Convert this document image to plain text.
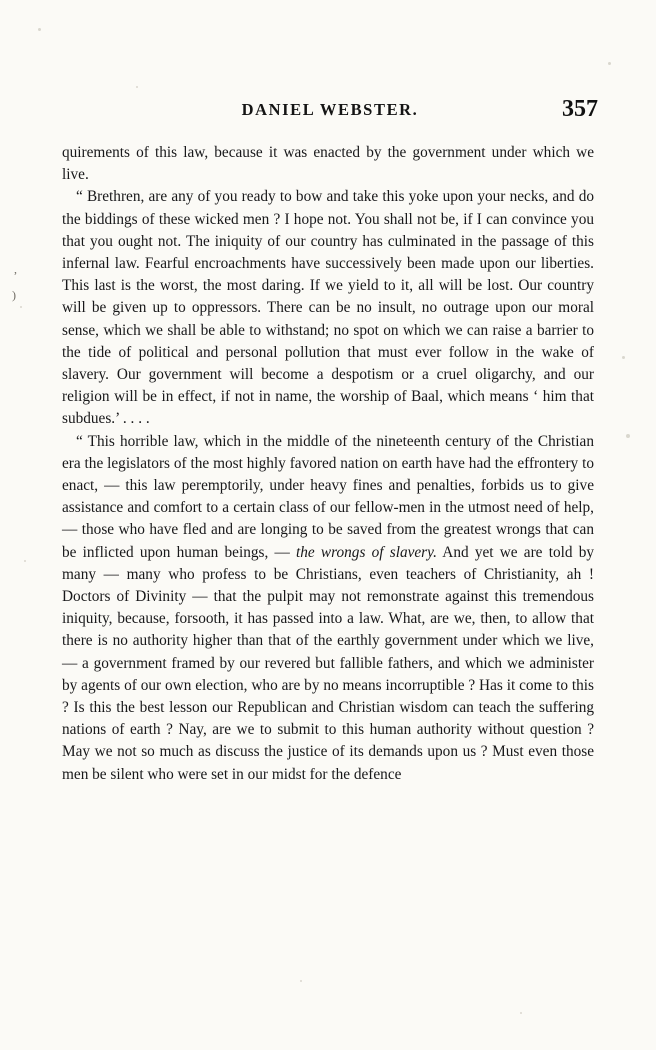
,
)
DANIEL WEBSTER.	357

quirements of this law, because it was enacted by the government under which we live.

“ Brethren, are any of you ready to bow and take this yoke upon your necks, and do the biddings of these wicked men ? I hope not. You shall not be, if I can convince you that you ought not. The iniquity of our country has culminated in the passage of this infernal law. Fearful encroachments have successively been made upon our liberties. This last is the worst, the most daring. If we yield to it, all will be lost. Our country will be given up to oppressors. There can be no insult, no outrage upon our moral sense, which we shall be able to withstand; no spot on which we can raise a barrier to the tide of political and personal pollution that must ever follow in the wake of slavery. Our government will become a despotism or a cruel oligarchy, and our religion will be in effect, if not in name, the worship of Baal, which means ‘ him that subdues.’ . . . .

“ This horrible law, which in the middle of the nineteenth century of the Christian era the legislators of the most highly favored nation on earth have had the effrontery to enact, — this law peremptorily, under heavy fines and penalties, forbids us to give assistance and comfort to a certain class of our fellow-men in the utmost need of help, — those who have fled and are longing to be saved from the greatest wrongs that can be inflicted upon human beings, — the wrongs of slavery. And yet we are told by many — many who profess to be Christians, even teachers of Christianity, ah ! Doctors of Divinity — that the pulpit may not remonstrate against this tremendous iniquity, because, forsooth, it has passed into a law. What, are we, then, to allow that there is no authority higher than that of the earthly government under which we live, — a government framed by our revered but fallible fathers, and which we administer by agents of our own election, who are by no means incorruptible ? Has it come to this ? Is this the best lesson our Republican and Christian wisdom can teach the suffering nations of earth ? Nay, are we to submit to this human authority without question ? May we not so much as discuss the justice of its demands upon us ? Must even those men be silent who were set in our midst for the defence
